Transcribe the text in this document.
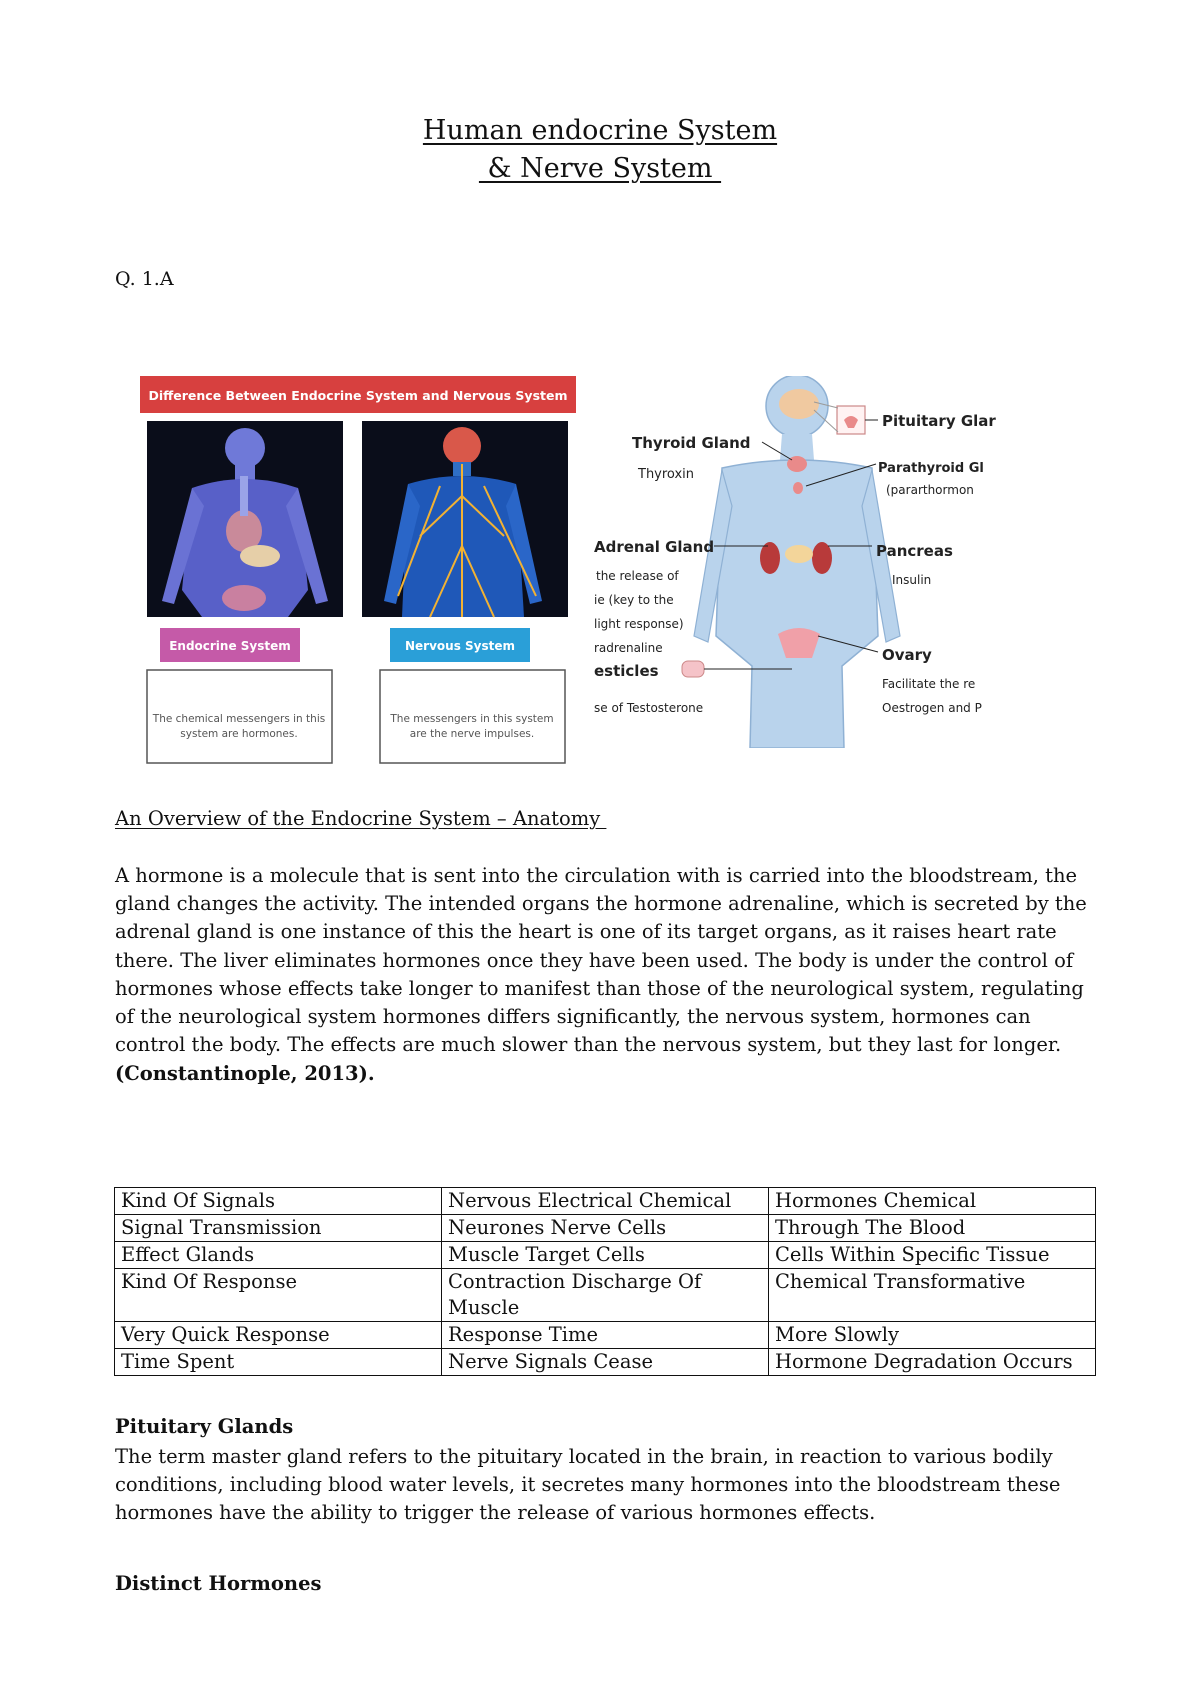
Human endocrine System
& Nerve System
Q. 1.A
Difference Between Endocrine System and Nervous System
Endocrine System	Nervous System
The chemical messengers in this
system are hormones.
The messengers in this system
are the nerve impulses.
Pituitary Glar
Thyroid Gland
Thyroxin	Parathyroid Gl
(pararthormon
Adrenal Gland
the release of
ie (key to the
light response)
radrenaline
Pancreas
Insulin
Ovary
Facilitate the re
Oestrogen and P
esticles
se of Testosterone
An Overview of the Endocrine System – Anatomy
A hormone is a molecule that is sent into the circulation with is carried into the bloodstream, the gland changes the activity. The intended organs the hormone adrenaline, which is secreted by the adrenal gland is one instance of this the heart is one of its target organs, as it raises heart rate there. The liver eliminates hormones once they have been used. The body is under the control of hormones whose effects take longer to manifest than those of the neurological system, regulating of the neurological system hormones differs significantly, the nervous system, hormones can control the body. The effects are much slower than the nervous system, but they last for longer.
(Constantinople, 2013).
Kind Of Signals	Nervous Electrical Chemical	Hormones Chemical
Signal Transmission	Neurones Nerve Cells	Through The Blood
Effect Glands	Muscle Target Cells	Cells Within Specific Tissue
Kind Of Response	Contraction Discharge Of Muscle	Chemical Transformative
Very Quick Response	Response Time	More Slowly
Time Spent	Nerve Signals Cease	Hormone Degradation Occurs
Pituitary Glands
The term master gland refers to the pituitary located in the brain, in reaction to various bodily conditions, including blood water levels, it secretes many hormones into the bloodstream these hormones have the ability to trigger the release of various hormones effects.
Distinct Hormones
